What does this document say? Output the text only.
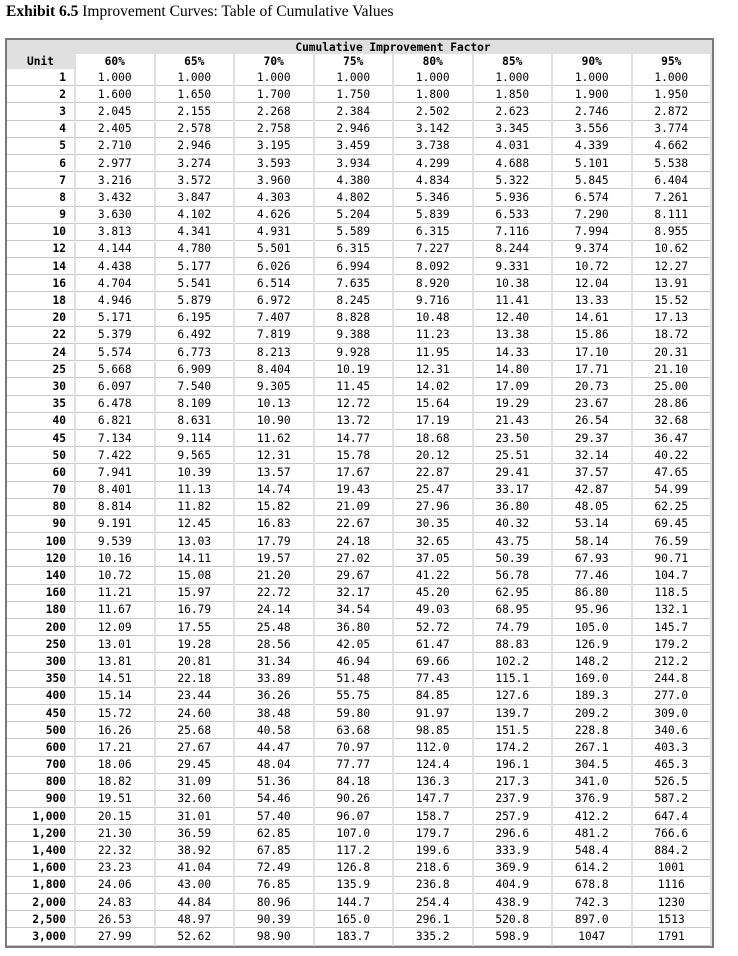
Exhibit 6.5 Improvement Curves: Table of Cumulative Values
	Cumulative Improvement Factor							
Unit	60%	65%	70%	75%	80%	85%	90%	95%
1	1.000	1.000	1.000	1.000	1.000	1.000	1.000	1.000
2	1.600	1.650	1.700	1.750	1.800	1.850	1.900	1.950
3	2.045	2.155	2.268	2.384	2.502	2.623	2.746	2.872
4	2.405	2.578	2.758	2.946	3.142	3.345	3.556	3.774
5	2.710	2.946	3.195	3.459	3.738	4.031	4.339	4.662
6	2.977	3.274	3.593	3.934	4.299	4.688	5.101	5.538
7	3.216	3.572	3.960	4.380	4.834	5.322	5.845	6.404
8	3.432	3.847	4.303	4.802	5.346	5.936	6.574	7.261
9	3.630	4.102	4.626	5.204	5.839	6.533	7.290	8.111
10	3.813	4.341	4.931	5.589	6.315	7.116	7.994	8.955
12	4.144	4.780	5.501	6.315	7.227	8.244	9.374	10.62
14	4.438	5.177	6.026	6.994	8.092	9.331	10.72	12.27
16	4.704	5.541	6.514	7.635	8.920	10.38	12.04	13.91
18	4.946	5.879	6.972	8.245	9.716	11.41	13.33	15.52
20	5.171	6.195	7.407	8.828	10.48	12.40	14.61	17.13
22	5.379	6.492	7.819	9.388	11.23	13.38	15.86	18.72
24	5.574	6.773	8.213	9.928	11.95	14.33	17.10	20.31
25	5.668	6.909	8.404	10.19	12.31	14.80	17.71	21.10
30	6.097	7.540	9.305	11.45	14.02	17.09	20.73	25.00
35	6.478	8.109	10.13	12.72	15.64	19.29	23.67	28.86
40	6.821	8.631	10.90	13.72	17.19	21.43	26.54	32.68
45	7.134	9.114	11.62	14.77	18.68	23.50	29.37	36.47
50	7.422	9.565	12.31	15.78	20.12	25.51	32.14	40.22
60	7.941	10.39	13.57	17.67	22.87	29.41	37.57	47.65
70	8.401	11.13	14.74	19.43	25.47	33.17	42.87	54.99
80	8.814	11.82	15.82	21.09	27.96	36.80	48.05	62.25
90	9.191	12.45	16.83	22.67	30.35	40.32	53.14	69.45
100	9.539	13.03	17.79	24.18	32.65	43.75	58.14	76.59
120	10.16	14.11	19.57	27.02	37.05	50.39	67.93	90.71
140	10.72	15.08	21.20	29.67	41.22	56.78	77.46	104.7
160	11.21	15.97	22.72	32.17	45.20	62.95	86.80	118.5
180	11.67	16.79	24.14	34.54	49.03	68.95	95.96	132.1
200	12.09	17.55	25.48	36.80	52.72	74.79	105.0	145.7
250	13.01	19.28	28.56	42.05	61.47	88.83	126.9	179.2
300	13.81	20.81	31.34	46.94	69.66	102.2	148.2	212.2
350	14.51	22.18	33.89	51.48	77.43	115.1	169.0	244.8
400	15.14	23.44	36.26	55.75	84.85	127.6	189.3	277.0
450	15.72	24.60	38.48	59.80	91.97	139.7	209.2	309.0
500	16.26	25.68	40.58	63.68	98.85	151.5	228.8	340.6
600	17.21	27.67	44.47	70.97	112.0	174.2	267.1	403.3
700	18.06	29.45	48.04	77.77	124.4	196.1	304.5	465.3
800	18.82	31.09	51.36	84.18	136.3	217.3	341.0	526.5
900	19.51	32.60	54.46	90.26	147.7	237.9	376.9	587.2
1,000	20.15	31.01	57.40	96.07	158.7	257.9	412.2	647.4
1,200	21.30	36.59	62.85	107.0	179.7	296.6	481.2	766.6
1,400	22.32	38.92	67.85	117.2	199.6	333.9	548.4	884.2
1,600	23.23	41.04	72.49	126.8	218.6	369.9	614.2	1001
1,800	24.06	43.00	76.85	135.9	236.8	404.9	678.8	1116
2,000	24.83	44.84	80.96	144.7	254.4	438.9	742.3	1230
2,500	26.53	48.97	90.39	165.0	296.1	520.8	897.0	1513
3,000	27.99	52.62	98.90	183.7	335.2	598.9	1047	1791
